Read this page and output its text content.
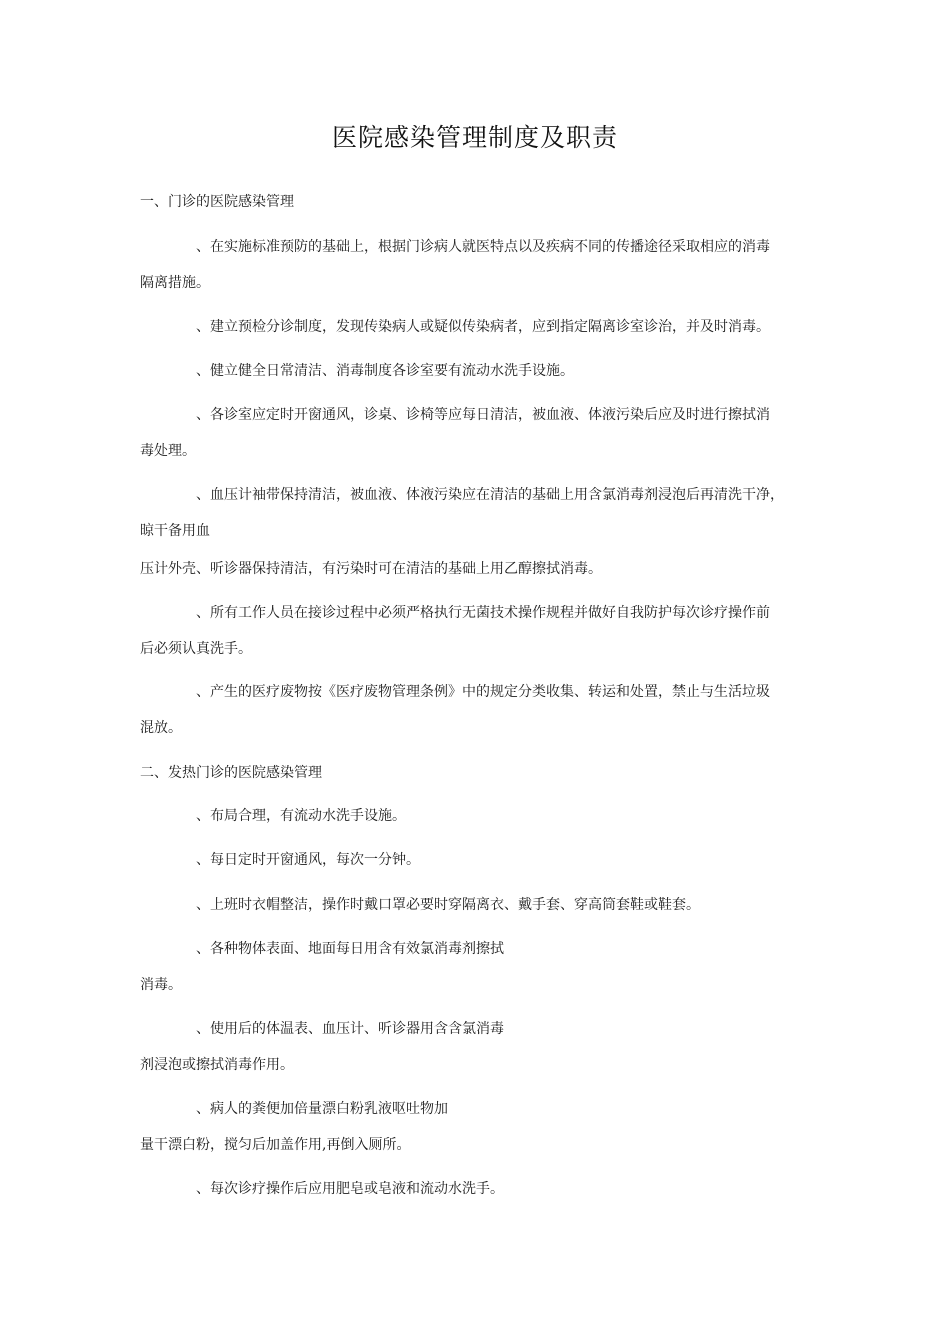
医院感染管理制度及职责
一、门诊的医院感染管理
、在实施标准预防的基础上，根据门诊病人就医特点以及疾病不同的传播途径采取相应的消毒
隔离措施。
、建立预检分诊制度，发现传染病人或疑似传染病者，应到指定隔离诊室诊治，并及时消毒。
、健立健全日常清洁、消毒制度各诊室要有流动水洗手设施。
、各诊室应定时开窗通风，诊桌、诊椅等应每日清洁，被血液、体液污染后应及时进行擦拭消
毒处理。
、血压计袖带保持清洁，被血液、体液污染应在清洁的基础上用含氯消毒剂浸泡后再清洗干净，
晾干备用血
压计外壳、听诊器保持清洁，有污染时可在清洁的基础上用乙醇擦拭消毒。
、所有工作人员在接诊过程中必须严格执行无菌技术操作规程并做好自我防护每次诊疗操作前
后必须认真洗手。
、产生的医疗废物按《医疗废物管理条例》中的规定分类收集、转运和处置，禁止与生活垃圾
混放。
二、发热门诊的医院感染管理
、布局合理，有流动水洗手设施。
、每日定时开窗通风，每次一分钟。
、上班时衣帽整洁，操作时戴口罩必要时穿隔离衣、戴手套、穿高筒套鞋或鞋套。
、各种物体表面、地面每日用含有效氯消毒剂擦拭
消毒。
、使用后的体温表、血压计、听诊器用含含氯消毒
剂浸泡或擦拭消毒作用。
、病人的粪便加倍量漂白粉乳液呕吐物加
量干漂白粉，搅匀后加盖作用,再倒入厕所。
、每次诊疗操作后应用肥皂或皂液和流动水洗手。
